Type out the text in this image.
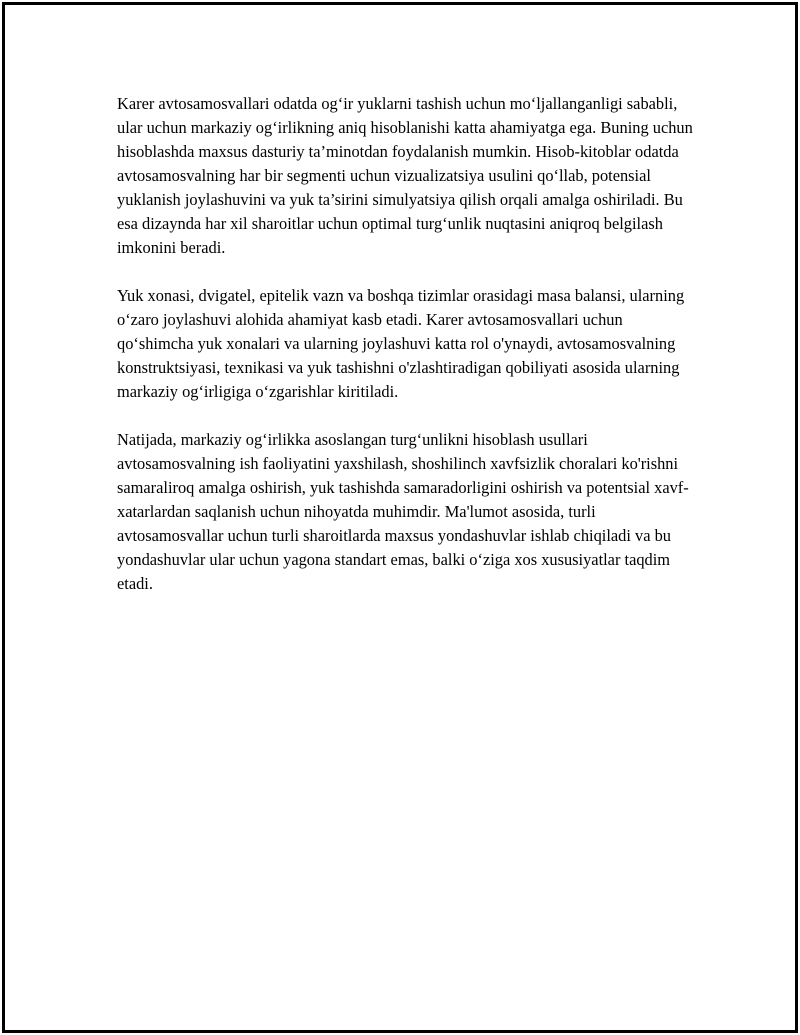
Karer avtosamosvallari odatda og‘ir yuklarni tashish uchun mo‘ljallanganligi sababli, ular uchun markaziy og‘irlikning aniq hisoblanishi katta ahamiyatga ega. Buning uchun hisoblashda maxsus dasturiy ta’minotdan foydalanish mumkin. Hisob-kitoblar odatda avtosamosvalning har bir segmenti uchun vizualizatsiya usulini qo‘llab, potensial yuklanish joylashuvini va yuk ta’sirini simulyatsiya qilish orqali amalga oshiriladi. Bu esa dizaynda har xil sharoitlar uchun optimal turg‘unlik nuqtasini aniqroq belgilash imkonini beradi.

Yuk xonasi, dvigatel, epitelik vazn va boshqa tizimlar orasidagi masa balansi, ularning o‘zaro joylashuvi alohida ahamiyat kasb etadi. Karer avtosamosvallari uchun qo‘shimcha yuk xonalari va ularning joylashuvi katta rol o'ynaydi, avtosamosvalning konstruktsiyasi, texnikasi va yuk tashishni o'zlashtiradigan qobiliyati asosida ularning markaziy og‘irligiga o‘zgarishlar kiritiladi.

Natijada, markaziy og‘irlikka asoslangan turg‘unlikni hisoblash usullari avtosamosvalning ish faoliyatini yaxshilash, shoshilinch xavfsizlik choralari ko'rishni samaraliroq amalga oshirish, yuk tashishda samaradorligini oshirish va potentsial xavf-xatarlardan saqlanish uchun nihoyatda muhimdir. Ma'lumot asosida, turli avtosamosvallar uchun turli sharoitlarda maxsus yondashuvlar ishlab chiqiladi va bu yondashuvlar ular uchun yagona standart emas, balki o‘ziga xos xususiyatlar taqdim etadi.
